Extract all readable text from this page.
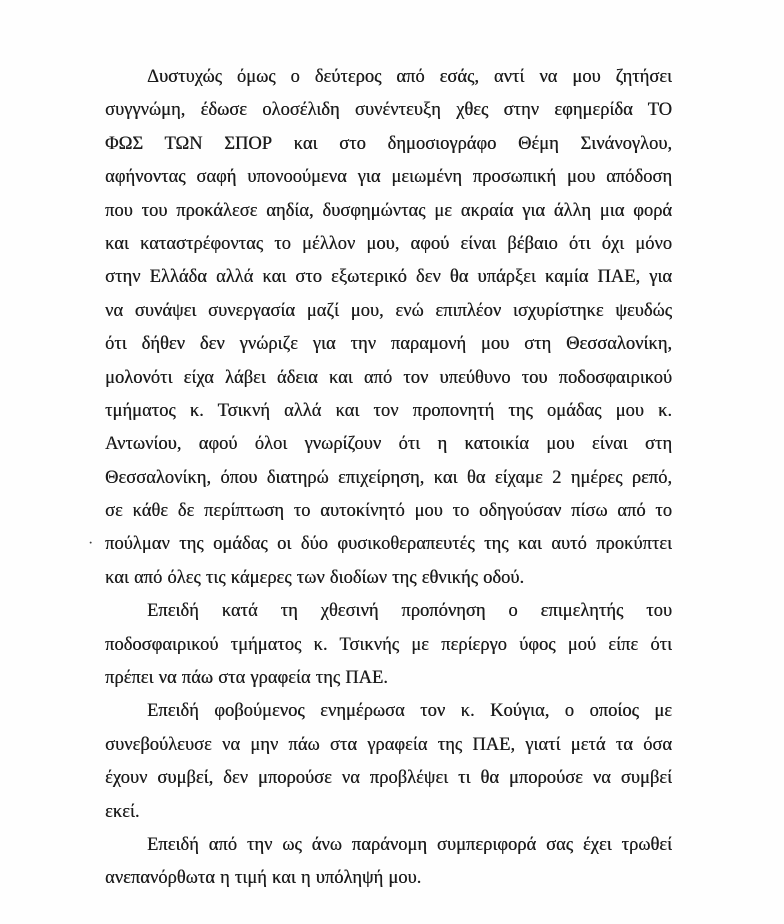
·
Δυστυχώς όμως ο δεύτερος από εσάς, αντί να μου ζητήσει
συγγνώμη, έδωσε ολοσέλιδη συνέντευξη χθες στην εφημερίδα ΤΟ
ΦΩΣ ΤΩΝ ΣΠΟΡ και στο δημοσιογράφο Θέμη Σινάνογλου,
αφήνοντας σαφή υπονοούμενα για μειωμένη προσωπική μου απόδοση
που του προκάλεσε αηδία, δυσφημώντας με ακραία για άλλη μια φορά
και καταστρέφοντας το μέλλον μου, αφού είναι βέβαιο ότι όχι μόνο
στην Ελλάδα αλλά και στο εξωτερικό δεν θα υπάρξει καμία ΠΑΕ, για
να συνάψει συνεργασία μαζί μου, ενώ επιπλέον ισχυρίστηκε ψευδώς
ότι δήθεν δεν γνώριζε για την παραμονή μου στη Θεσσαλονίκη,
μολονότι είχα λάβει άδεια και από τον υπεύθυνο του ποδοσφαιρικού
τμήματος κ. Τσικνή αλλά και τον προπονητή της ομάδας μου κ.
Αντωνίου, αφού όλοι γνωρίζουν ότι η κατοικία μου είναι στη
Θεσσαλονίκη, όπου διατηρώ επιχείρηση, και θα είχαμε 2 ημέρες ρεπό,
σε κάθε δε περίπτωση το αυτοκίνητό μου το οδηγούσαν πίσω από το
πούλμαν της ομάδας οι δύο φυσικοθεραπευτές της και αυτό προκύπτει
και από όλες τις κάμερες των διοδίων της εθνικής οδού.
Επειδή κατά τη χθεσινή προπόνηση ο επιμελητής του
ποδοσφαιρικού τμήματος κ. Τσικνής με περίεργο ύφος μού είπε ότι
πρέπει να πάω στα γραφεία της ΠΑΕ.
Επειδή φοβούμενος ενημέρωσα τον κ. Κούγια, ο οποίος με
συνεβούλευσε να μην πάω στα γραφεία της ΠΑΕ, γιατί μετά τα όσα
έχουν συμβεί, δεν μπορούσε να προβλέψει τι θα μπορούσε να συμβεί
εκεί.
Επειδή από την ως άνω παράνομη συμπεριφορά σας έχει τρωθεί
ανεπανόρθωτα η τιμή και η υπόληψή μου.
